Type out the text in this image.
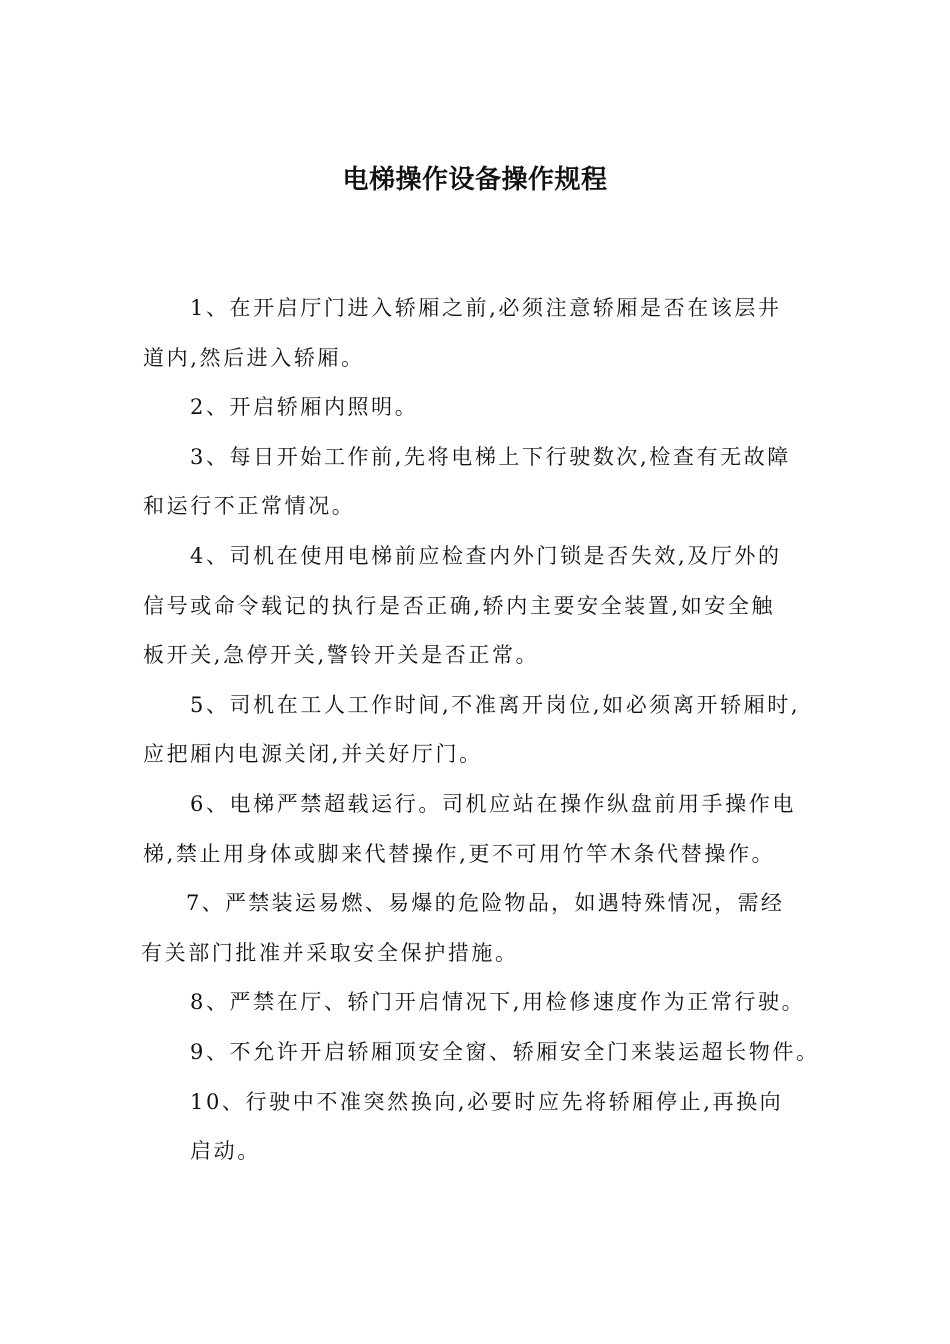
电梯操作设备操作规程
1、在开启厅门进入轿厢之前,必须注意轿厢是否在该层井
道内,然后进入轿厢。
2、开启轿厢内照明。
3、每日开始工作前,先将电梯上下行驶数次,检查有无故障
和运行不正常情况。
4、司机在使用电梯前应检查内外门锁是否失效,及厅外的
信号或命令载记的执行是否正确,轿内主要安全装置,如安全触
板开关,急停开关,警铃开关是否正常。
5、司机在工人工作时间,不准离开岗位,如必须离开轿厢时,
应把厢内电源关闭,并关好厅门。
6、电梯严禁超载运行。司机应站在操作纵盘前用手操作电
梯,禁止用身体或脚来代替操作,更不可用竹竿木条代替操作。
7、严禁装运易燃、易爆的危险物品，如遇特殊情况，需经
有关部门批准并采取安全保护措施。
8、严禁在厅、轿门开启情况下,用检修速度作为正常行驶。
9、不允许开启轿厢顶安全窗、轿厢安全门来装运超长物件。
10、行驶中不准突然换向,必要时应先将轿厢停止,再换向
启动。
